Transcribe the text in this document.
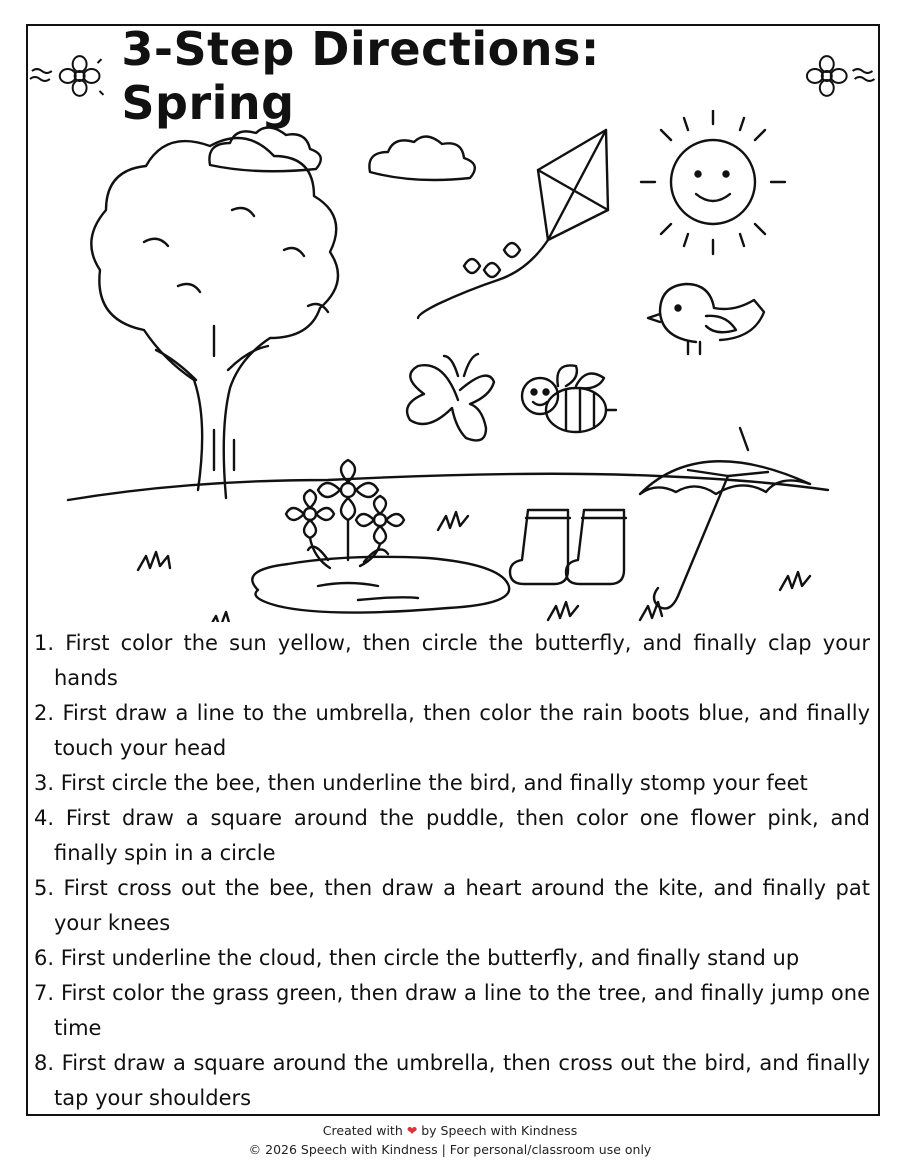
3-Step Directions: Spring
1. First color the sun yellow, then circle the butterfly, and finally clap your hands
2. First draw a line to the umbrella, then color the rain boots blue, and finally touch your head
3. First circle the bee, then underline the bird, and finally stomp your feet
4. First draw a square around the puddle, then color one flower pink, and finally spin in a circle
5. First cross out the bee, then draw a heart around the kite, and finally pat your knees
6. First underline the cloud, then circle the butterfly, and finally stand up
7. First color the grass green, then draw a line to the tree, and finally jump one time
8. First draw a square around the umbrella, then cross out the bird, and finally tap your shoulders
Created with ❤ by Speech with Kindness
© 2026 Speech with Kindness | For personal/classroom use only
